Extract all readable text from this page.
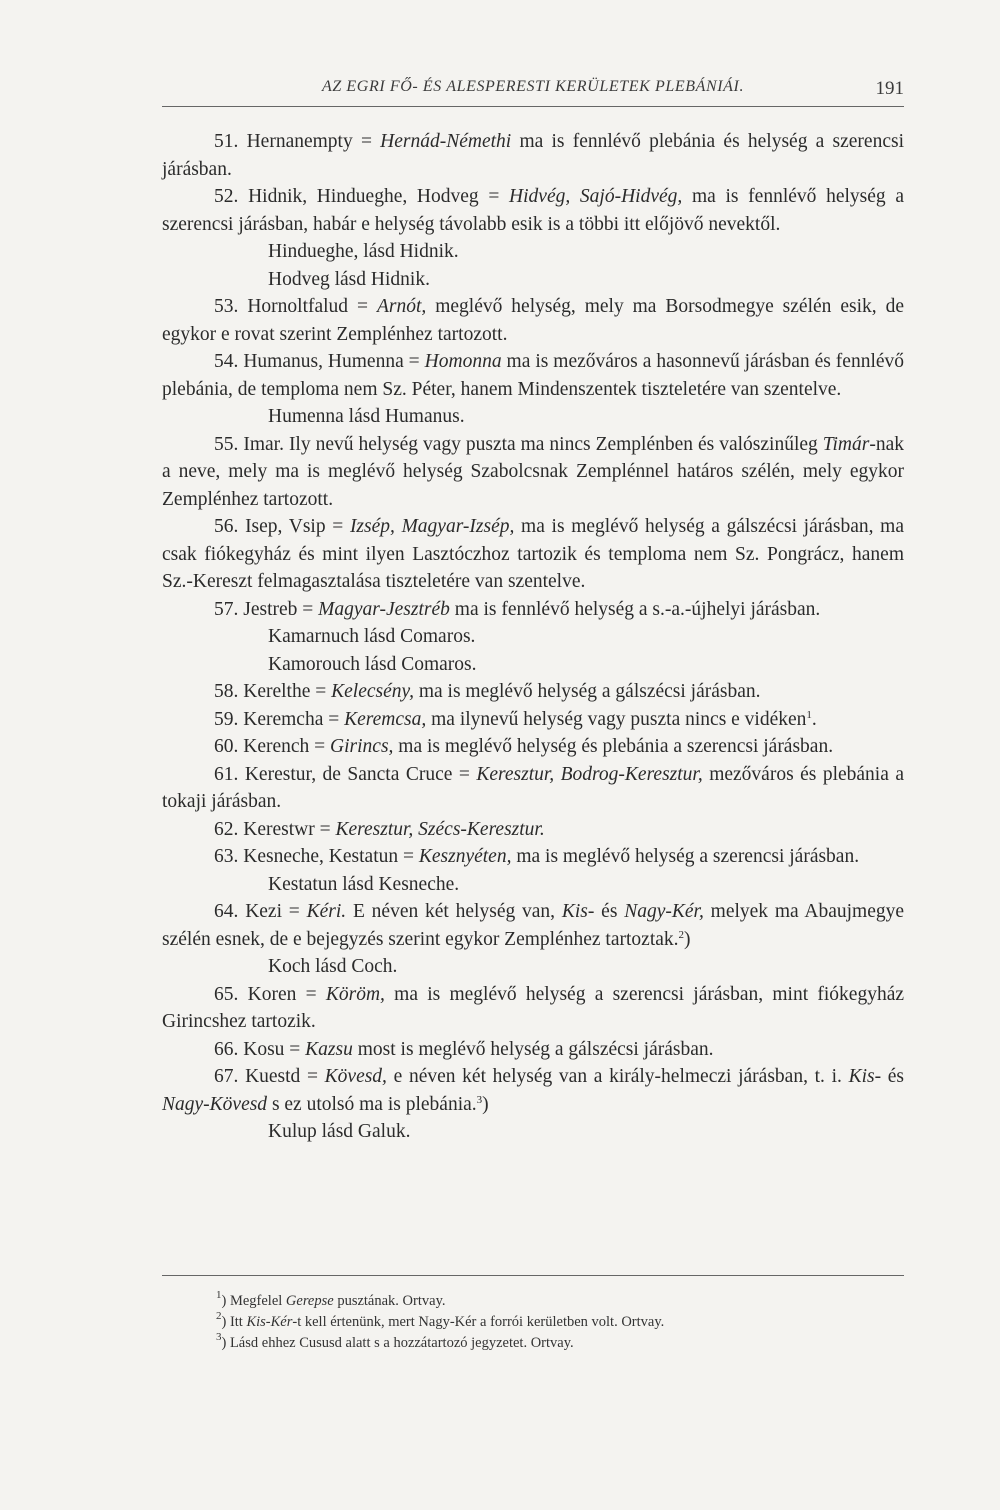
AZ EGRI FŐ- ÉS ALESPERESTI KERÜLETEK PLEBÁNIÁI.	191

51. Hernanempty = Hernád-Némethi ma is fennlévő plebánia és helység a szerencsi járásban.

52. Hidnik, Hindueghe, Hodveg = Hidvég, Sajó-Hidvég, ma is fennlévő helység a szerencsi járásban, habár e helység távolabb esik is a többi itt előjövő nevektől.

Hindueghe, lásd Hidnik.

Hodveg lásd Hidnik.

53. Hornoltfalud = Arnót, meglévő helység, mely ma Borsodmegye szélén esik, de egykor e rovat szerint Zemplénhez tartozott.

54. Humanus, Humenna = Homonna ma is mezőváros a hasonnevű járásban és fennlévő plebánia, de temploma nem Sz. Péter, hanem Mindenszentek tiszteletére van szentelve.

Humenna lásd Humanus.

55. Imar. Ily nevű helység vagy puszta ma nincs Zemplénben és valószinűleg Timár-nak a neve, mely ma is meglévő helység Szabolcsnak Zemplénnel határos szélén, mely egykor Zemplénhez tartozott.

56. Isep, Vsip = Izsép, Magyar-Izsép, ma is meglévő helység a gálszécsi járásban, ma csak fiókegyház és mint ilyen Lasztóczhoz tartozik és temploma nem Sz. Pongrácz, hanem Sz.-Kereszt felmagasztalása tiszteletére van szentelve.

57. Jestreb = Magyar-Jesztréb ma is fennlévő helység a s.-a.-újhelyi járásban.

Kamarnuch lásd Comaros.

Kamorouch lásd Comaros.

58. Kerelthe = Kelecsény, ma is meglévő helység a gálszécsi járásban.

59. Keremcha = Keremcsa, ma ilynevű helység vagy puszta nincs e vidéken$^1$.

60. Kerench = Girincs, ma is meglévő helység és plebánia a szerencsi járásban.

61. Kerestur, de Sancta Cruce = Keresztur, Bodrog-Keresztur, mezőváros és plebánia a tokaji járásban.

62. Kerestwr = Keresztur, Szécs-Keresztur.

63. Kesneche, Kestatun = Kesznyéten, ma is meglévő helység a szerencsi járásban.

Kestatun lásd Kesneche.

64. Kezi = Kéri. E néven két helység van, Kis- és Nagy-Kér, melyek ma Abaujmegye szélén esnek, de e bejegyzés szerint egykor Zemplénhez tartoztak.$^2$)

Koch lásd Coch.

65. Koren = Köröm, ma is meglévő helység a szerencsi járásban, mint fiókegyház Girincshez tartozik.

66. Kosu = Kazsu most is meglévő helység a gálszécsi járásban.

67. Kuestd = Kövesd, e néven két helység van a király-helmeczi járásban, t. i. Kis- és Nagy-Kövesd s ez utolsó ma is plebánia.$^3$)

Kulup lásd Galuk.

$^1$) Megfelel Gerepse pusztának. Ortvay.

$^2$) Itt Kis-Kér-t kell értenünk, mert Nagy-Kér a forrói kerületben volt. Ortvay.

$^3$) Lásd ehhez Cususd alatt s a hozzátartozó jegyzetet. Ortvay.
